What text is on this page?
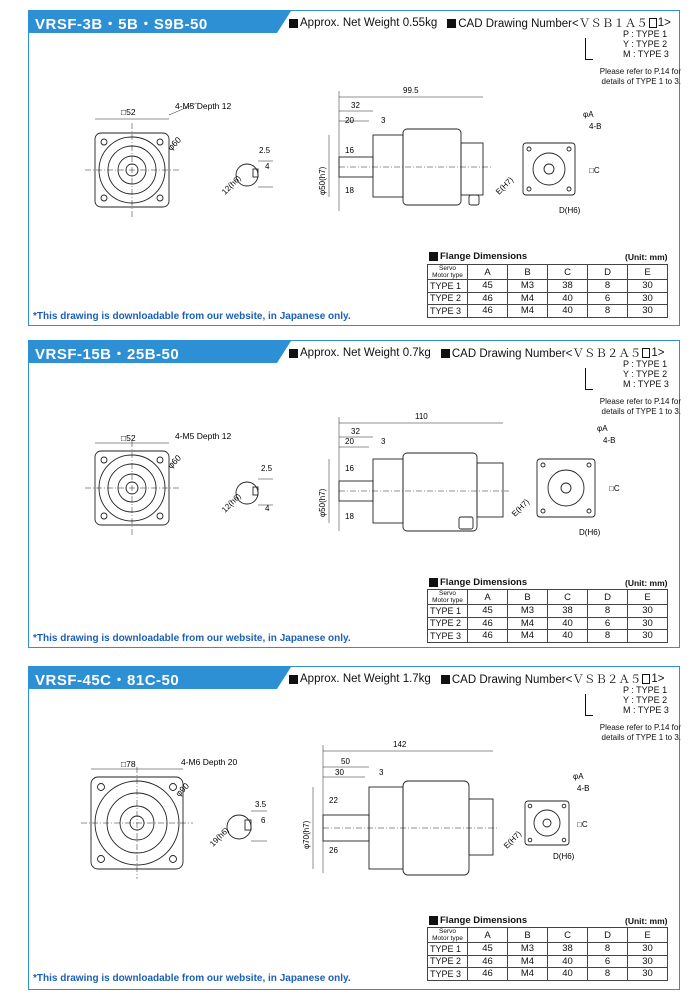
VRSF-3B・5B・S9B-50	Approx. Net Weight 0.55kg CAD Drawing Number<ＶＳＢ１Ａ５ 1>
P : TYPE 1
Y : TYPE 2
M : TYPE 3
Please refer to P.14 for details of TYPE 1 to 3.
□52
4-M5 Depth 12
φ60	2.5
4
12(h6)
99.5
32
20	3
16
18
φ50(h7)
φA
4-B
□C
E(H7)
D(H6)
Flange Dimensions	(Unit: mm)
Servo Motor type	A	B	C	D	E
TYPE 1	45	M3	38	8	30
TYPE 2	46	M4	40	6	30
TYPE 3	46	M4	40	8	30
*This drawing is downloadable from our website, in Japanese only.
VRSF-15B・25B-50	Approx. Net Weight 0.7kg CAD Drawing Number<ＶＳＢ２Ａ５ 1>
P : TYPE 1
Y : TYPE 2
M : TYPE 3
Please refer to P.14 for details of TYPE 1 to 3.
□52	4-M5 Depth 12
φ60	2.5
4
12(h6)
110
32
20	3
16
18
φ50(h7)
φA
4-B
□C
E(H7)
D(H6)
Flange Dimensions	(Unit: mm)
Servo Motor type	A	B	C	D	E
TYPE 1	45	M3	38	8	30
TYPE 2	46	M4	40	6	30
TYPE 3	46	M4	40	8	30
*This drawing is downloadable from our website, in Japanese only.
VRSF-45C・81C-50	Approx. Net Weight 1.7kg CAD Drawing Number<ＶＳＢ２Ａ５ 1>
P : TYPE 1
Y : TYPE 2
M : TYPE 3
Please refer to P.14 for details of TYPE 1 to 3.
□78	4-M6 Depth 20
φ90
3.5
6
19(h6)
142
50
30	3
22
26
φ70(h7)
φA
4-B
□C
E(H7)
D(H6)
Flange Dimensions	(Unit: mm)
Servo Motor type	A	B	C	D	E
TYPE 1	45	M3	38	8	30
TYPE 2	46	M4	40	6	30
TYPE 3	46	M4	40	8	30
*This drawing is downloadable from our website, in Japanese only.
